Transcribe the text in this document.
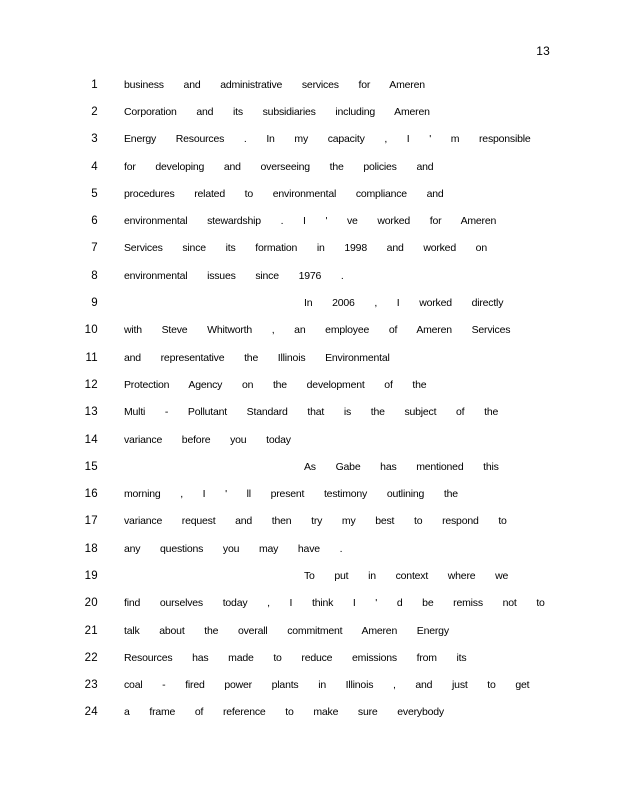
13
1 business and administrative services for Ameren
2 Corporation and its subsidiaries including Ameren
3 Energy Resources . In my capacity , I ' m responsible
4 for developing and overseeing the policies and
5 procedures related to environmental compliance and
6 environmental stewardship . I ' ve worked for Ameren
7 Services since its formation in 1998 and worked on
8 environmental issues since 1976 .
9	In 2006 , I worked directly
10 with Steve Whitworth , an employee of Ameren Services
11 and representative the Illinois Environmental
12 Protection Agency on the development of the
13 Multi - Pollutant Standard that is the subject of the
14 variance before you today
15	As Gabe has mentioned this
16 morning , I ' ll present testimony outlining the
17 variance request and then try my best to respond to
18 any questions you may have .
19	To put in context where we
20 find ourselves today , I think I ' d be remiss not to
21 talk about the overall commitment Ameren Energy
22 Resources has made to reduce emissions from its
23 coal - fired power plants in Illinois , and just to get
24 a frame of reference to make sure everybody
